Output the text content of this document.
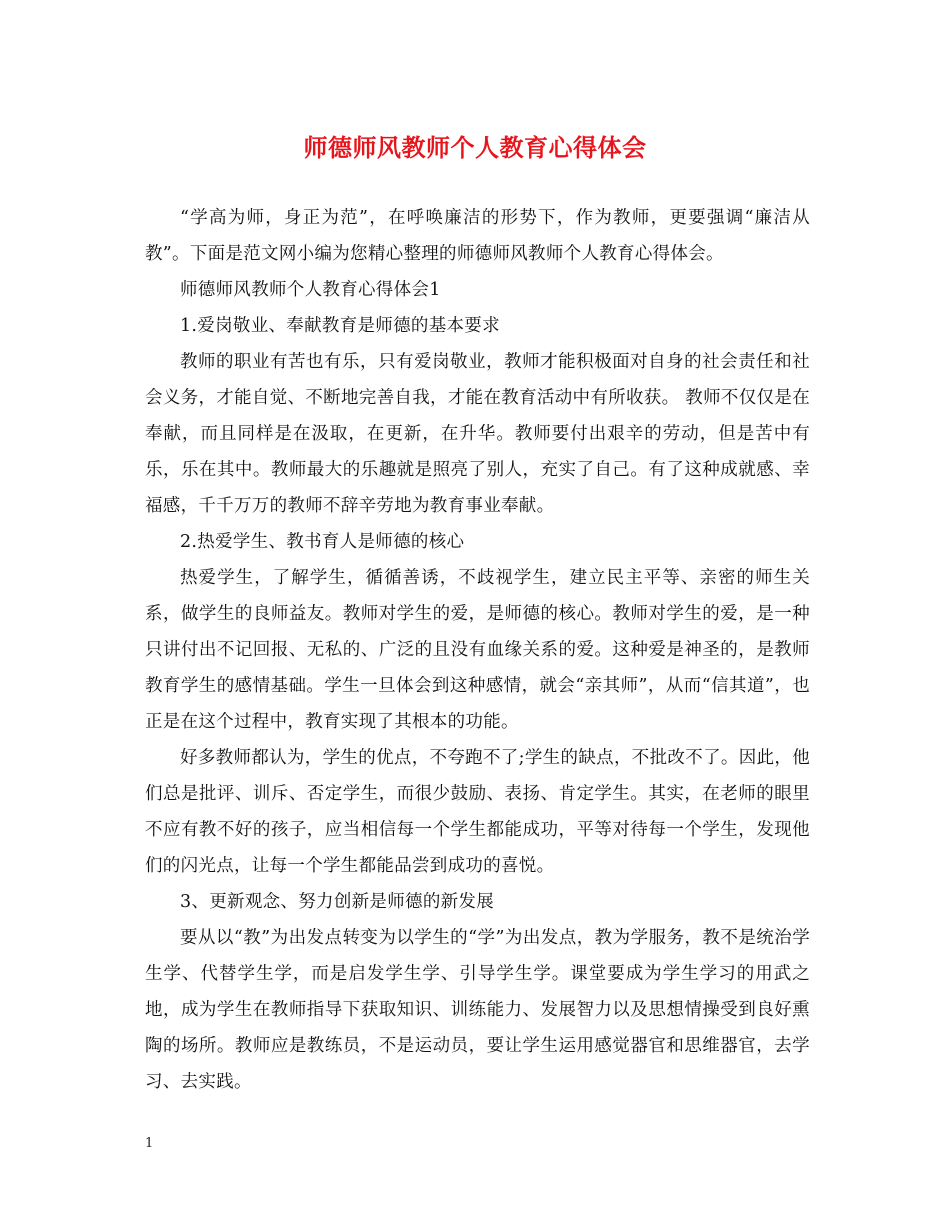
师德师风教师个人教育心得体会

“学高为师，身正为范”，在呼唤廉洁的形势下，作为教师，更要强调“廉洁从教”。下面是范文网小编为您精心整理的师德师风教师个人教育心得体会。

师德师风教师个人教育心得体会1

1.爱岗敬业、奉献教育是师德的基本要求

教师的职业有苦也有乐，只有爱岗敬业，教师才能积极面对自身的社会责任和社会义务，才能自觉、不断地完善自我，才能在教育活动中有所收获。 教师不仅仅是在奉献，而且同样是在汲取，在更新，在升华。教师要付出艰辛的劳动，但是苦中有乐，乐在其中。教师最大的乐趣就是照亮了别人，充实了自己。有了这种成就感、幸福感，千千万万的教师不辞辛劳地为教育事业奉献。

2.热爱学生、教书育人是师德的核心

热爱学生，了解学生，循循善诱，不歧视学生，建立民主平等、亲密的师生关系，做学生的良师益友。教师对学生的爱，是师德的核心。教师对学生的爱，是一种只讲付出不记回报、无私的、广泛的且没有血缘关系的爱。这种爱是神圣的，是教师教育学生的感情基础。学生一旦体会到这种感情，就会“亲其师”，从而“信其道”，也正是在这个过程中，教育实现了其根本的功能。

好多教师都认为，学生的优点，不夸跑不了;学生的缺点，不批改不了。因此，他们总是批评、训斥、否定学生，而很少鼓励、表扬、肯定学生。其实，在老师的眼里不应有教不好的孩子，应当相信每一个学生都能成功，平等对待每一个学生，发现他们的闪光点，让每一个学生都能品尝到成功的喜悦。

3、更新观念、努力创新是师德的新发展

要从以“教”为出发点转变为以学生的“学”为出发点，教为学服务，教不是统治学生学、代替学生学，而是启发学生学、引导学生学。课堂要成为学生学习的用武之地，成为学生在教师指导下获取知识、训练能力、发展智力以及思想情操受到良好熏陶的场所。教师应是教练员，不是运动员，要让学生运用感觉器官和思维器官，去学习、去实践。

1
